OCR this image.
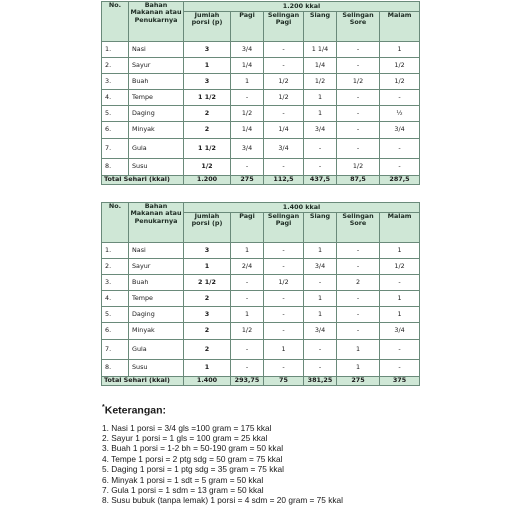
No.	Bahan Makanan atau Penukarnya	1.200 kkal					
		Jumlah porsi (p)	Pagi	Selingan Pagi	Siang	Selingan Sore	Malam
1.	Nasi	3	3/4	-	1 1/4	-	1
2.	Sayur	1	1/4	-	1/4	-	1/2
3.	Buah	3	1	1/2	1/2	1/2	1/2
4.	Tempe	1 1/2	-	1/2	1	-	-
5.	Daging	2	1/2	-	1	-	½
6.	Minyak	2	1/4	1/4	3/4	-	3/4
7.	Gula	1 1/2	3/4	3/4	-	-	-
8.	Susu	1/2	-	-	-	1/2	-
Total Sehari (kkal)		1.200	275	112,5	437,5	87,5	287,5
No.	Bahan Makanan atau Penukarnya	1.400 kkal					
		Jumlah porsi (p)	Pagi	Selingan Pagi	Siang	Selingan Sore	Malam
1.	Nasi	3	1	-	1	-	1
2.	Sayur	1	2/4	-	3/4	-	1/2
3.	Buah	2 1/2	-	1/2	-	2	-
4.	Tempe	2	-	-	1	-	1
5.	Daging	3	1	-	1	-	1
6.	Minyak	2	1/2	-	3/4	-	3/4
7.	Gula	2	-	1	-	1	-
8.	Susu	1	-	-	-	1	-
Total Sehari (kkal)		1.400	293,75	75	381,25	275	375
*Keterangan:
1. Nasi 1 porsi = 3/4 gls =100 gram = 175 kkal
2. Sayur 1 porsi = 1 gls = 100 gram = 25 kkal
3. Buah 1 porsi = 1-2 bh = 50-190 gram = 50 kkal
4. Tempe 1 porsi = 2 ptg sdg = 50 gram = 75 kkal
5. Daging 1 porsi = 1 ptg sdg = 35 gram = 75 kkal
6. Minyak 1 porsi = 1 sdt = 5 gram = 50 kkal
7. Gula 1 porsi = 1 sdm = 13 gram = 50 kkal
8. Susu bubuk (tanpa lemak) 1 porsi = 4 sdm = 20 gram = 75 kkal
